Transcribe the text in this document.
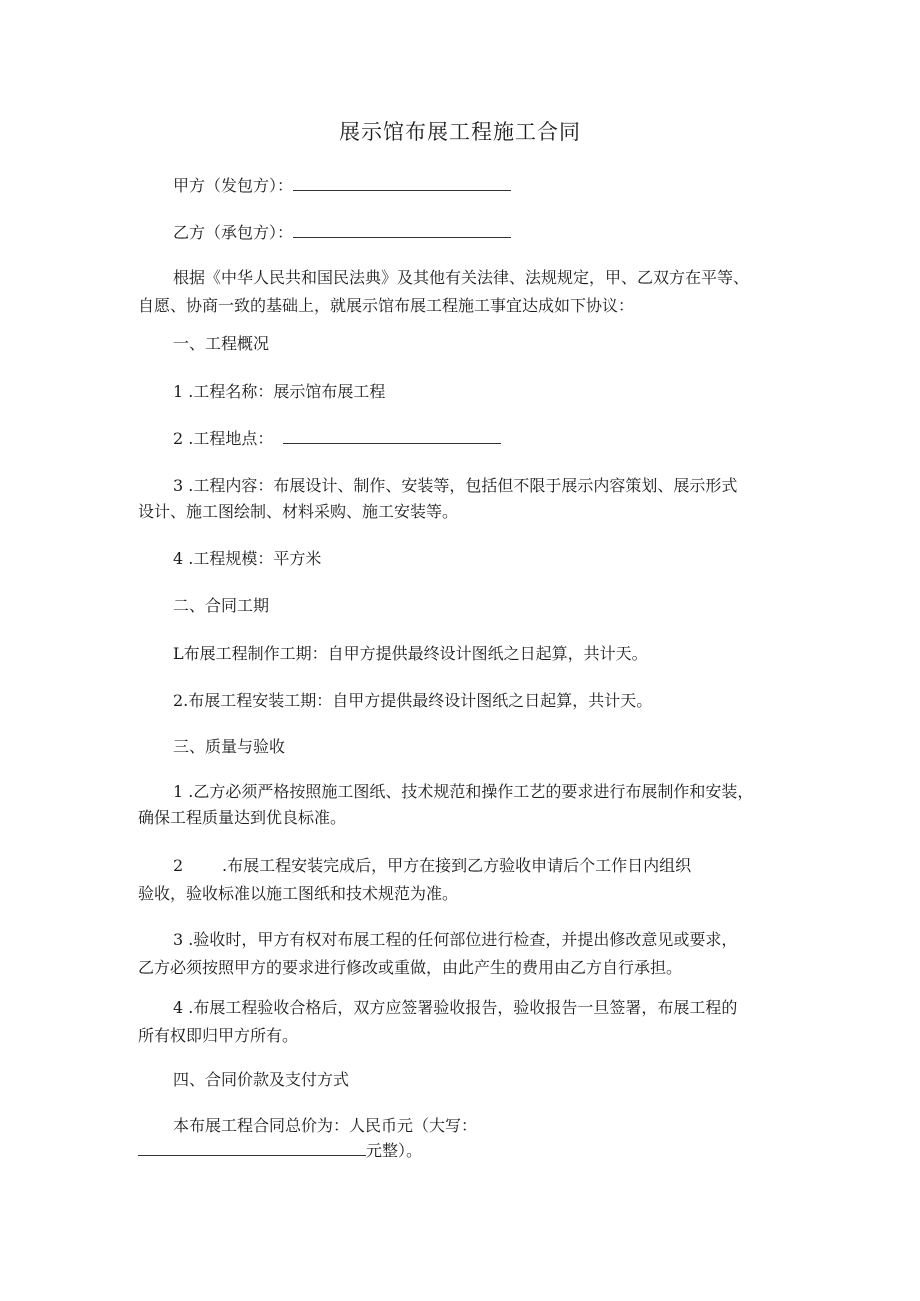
展示馆布展工程施工合同
甲方（发包方）：
乙方（承包方）：
根据《中华人民共和国民法典》及其他有关法律、法规规定，甲、乙双方在平等、
自愿、协商一致的基础上，就展示馆布展工程施工事宜达成如下协议：
一、工程概况
1 .工程名称：展示馆布展工程
2 .工程地点：
3 .工程内容：布展设计、制作、安装等，包括但不限于展示内容策划、展示形式
设计、施工图绘制、材料采购、施工安装等。
4 .工程规模：平方米
二、合同工期
L布展工程制作工期：自甲方提供最终设计图纸之日起算，共计天。
2.布展工程安装工期：自甲方提供最终设计图纸之日起算，共计天。
三、质量与验收
1 .乙方必须严格按照施工图纸、技术规范和操作工艺的要求进行布展制作和安装，
确保工程质量达到优良标准。
2 .布展工程安装完成后，甲方在接到乙方验收申请后个工作日内组织
验收，验收标准以施工图纸和技术规范为准。
3 .验收时，甲方有权对布展工程的任何部位进行检查，并提出修改意见或要求，
乙方必须按照甲方的要求进行修改或重做，由此产生的费用由乙方自行承担。
4 .布展工程验收合格后，双方应签署验收报告，验收报告一旦签署，布展工程的
所有权即归甲方所有。
四、合同价款及支付方式
本布展工程合同总价为：人民币元（大写：
元整）。
